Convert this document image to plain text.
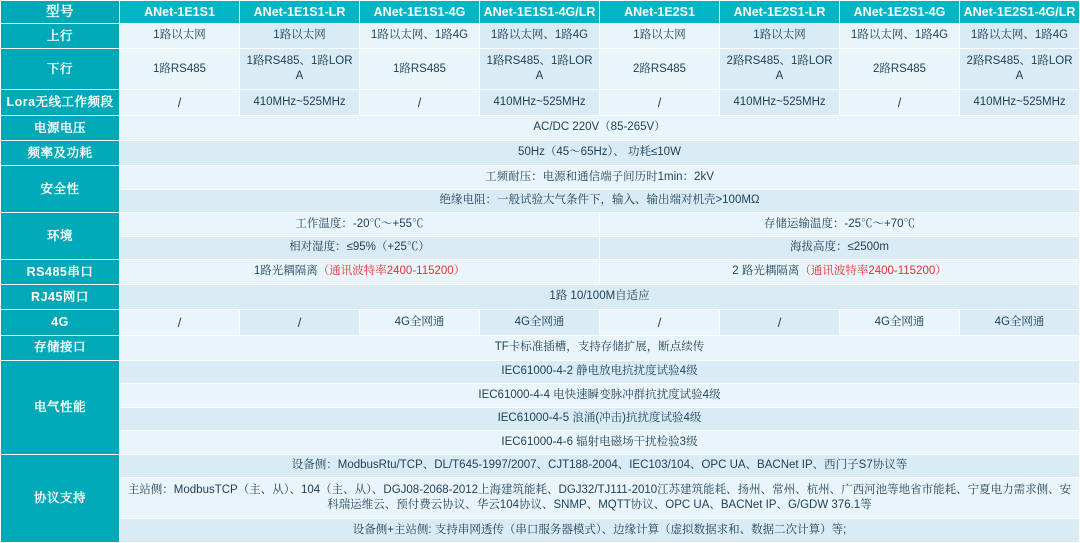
型号	ANet-1E1S1	ANet-1E1S1-LR	ANet-1E1S1-4G	ANet-1E1S1-4G/LR	ANet-1E2S1	ANet-1E2S1-LR	ANet-1E2S1-4G	ANet-1E2S1-4G/LR
上行	1路以太网	1路以太网	1路以太网、1路4G	1路以太网、1路4G	1路以太网	1路以太网	1路以太网、1路4G	1路以太网、1路4G
下行	1路RS485	1路RS485、1路LORA	1路RS485	1路RS485、1路LORA	2路RS485	2路RS485、1路LORA	2路RS485	2路RS485、1路LORA
Lora无线工作频段	/	410MHz~525MHz	/	410MHz~525MHz	/	410MHz~525MHz	/	410MHz~525MHz
电源电压	AC/DC 220V（85-265V）							
频率及功耗	50Hz（45～65Hz）、 功耗≤10W							
安全性	工频耐压：电源和通信端子间历时1min：2kV							
	绝缘电阻：一般试验大气条件下，输入、输出端对机壳>100MΩ							
环境	工作温度：-20℃～+55℃				存储运输温度：-25℃～+70℃			
	相对湿度：≤95%（+25℃）				海拔高度：≤2500m			
RS485串口	1路光耦隔离（通讯波特率2400-115200）				2 路光耦隔离（通讯波特率2400-115200）			
RJ45网口	1路 10/100M自适应							
4G	/	/	4G全网通	4G全网通	/	/	4G全网通	4G全网通
存储接口	TF卡标准插槽，支持存储扩展，断点续传							
电气性能	IEC61000-4-2 静电放电抗扰度试验4级							
	IEC61000-4-4 电快速瞬变脉冲群抗扰度试验4级							
	IEC61000-4-5 浪涌(冲击)抗扰度试验4级							
	IEC61000-4-6 辐射电磁场干扰检验3级							
协议支持	设备侧：ModbusRtu/TCP、DL/T645-1997/2007、CJT188-2004、IEC103/104、OPC UA、BACNet IP、西门子S7协议等							
	主站侧：ModbusTCP（主、从）、104（主、从）、DGJ08-2068-2012上海建筑能耗、DGJ32/TJ111-2010江苏建筑能耗、扬州、常州、杭州、广西河池等地省市能耗、宁夏电力需求侧、安科瑞运维云、预付费云协议、华云104协议、SNMP、MQTT协议、OPC UA、BACNet IP、G/GDW 376.1等							
	设备侧+主站侧: 支持串网透传（串口服务器模式）、边缘计算（虚拟数据求和、数据二次计算）等;							
